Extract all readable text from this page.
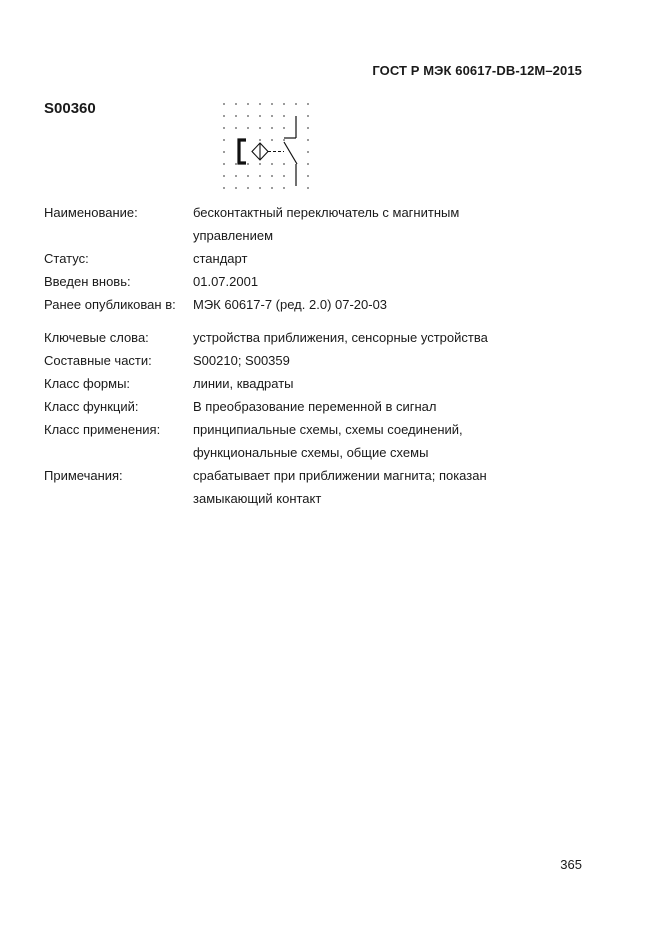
ГОСТ Р МЭК 60617-DB-12М–2015
S00360
Наименование:	бесконтактный переключатель с магнитным
управлением
Статус:	стандарт
Введен вновь:	01.07.2001
Ранее опубликован в:	МЭК 60617-7 (ред. 2.0) 07-20-03
Ключевые слова:	устройства приближения, сенсорные устройства
Составные части:	S00210; S00359
Класс формы:	линии, квадраты
Класс функций:	В преобразование переменной в сигнал
Класс применения:	принципиальные схемы, схемы соединений,
функциональные схемы, общие схемы
Примечания:	срабатывает при приближении магнита; показан
замыкающий контакт
365
